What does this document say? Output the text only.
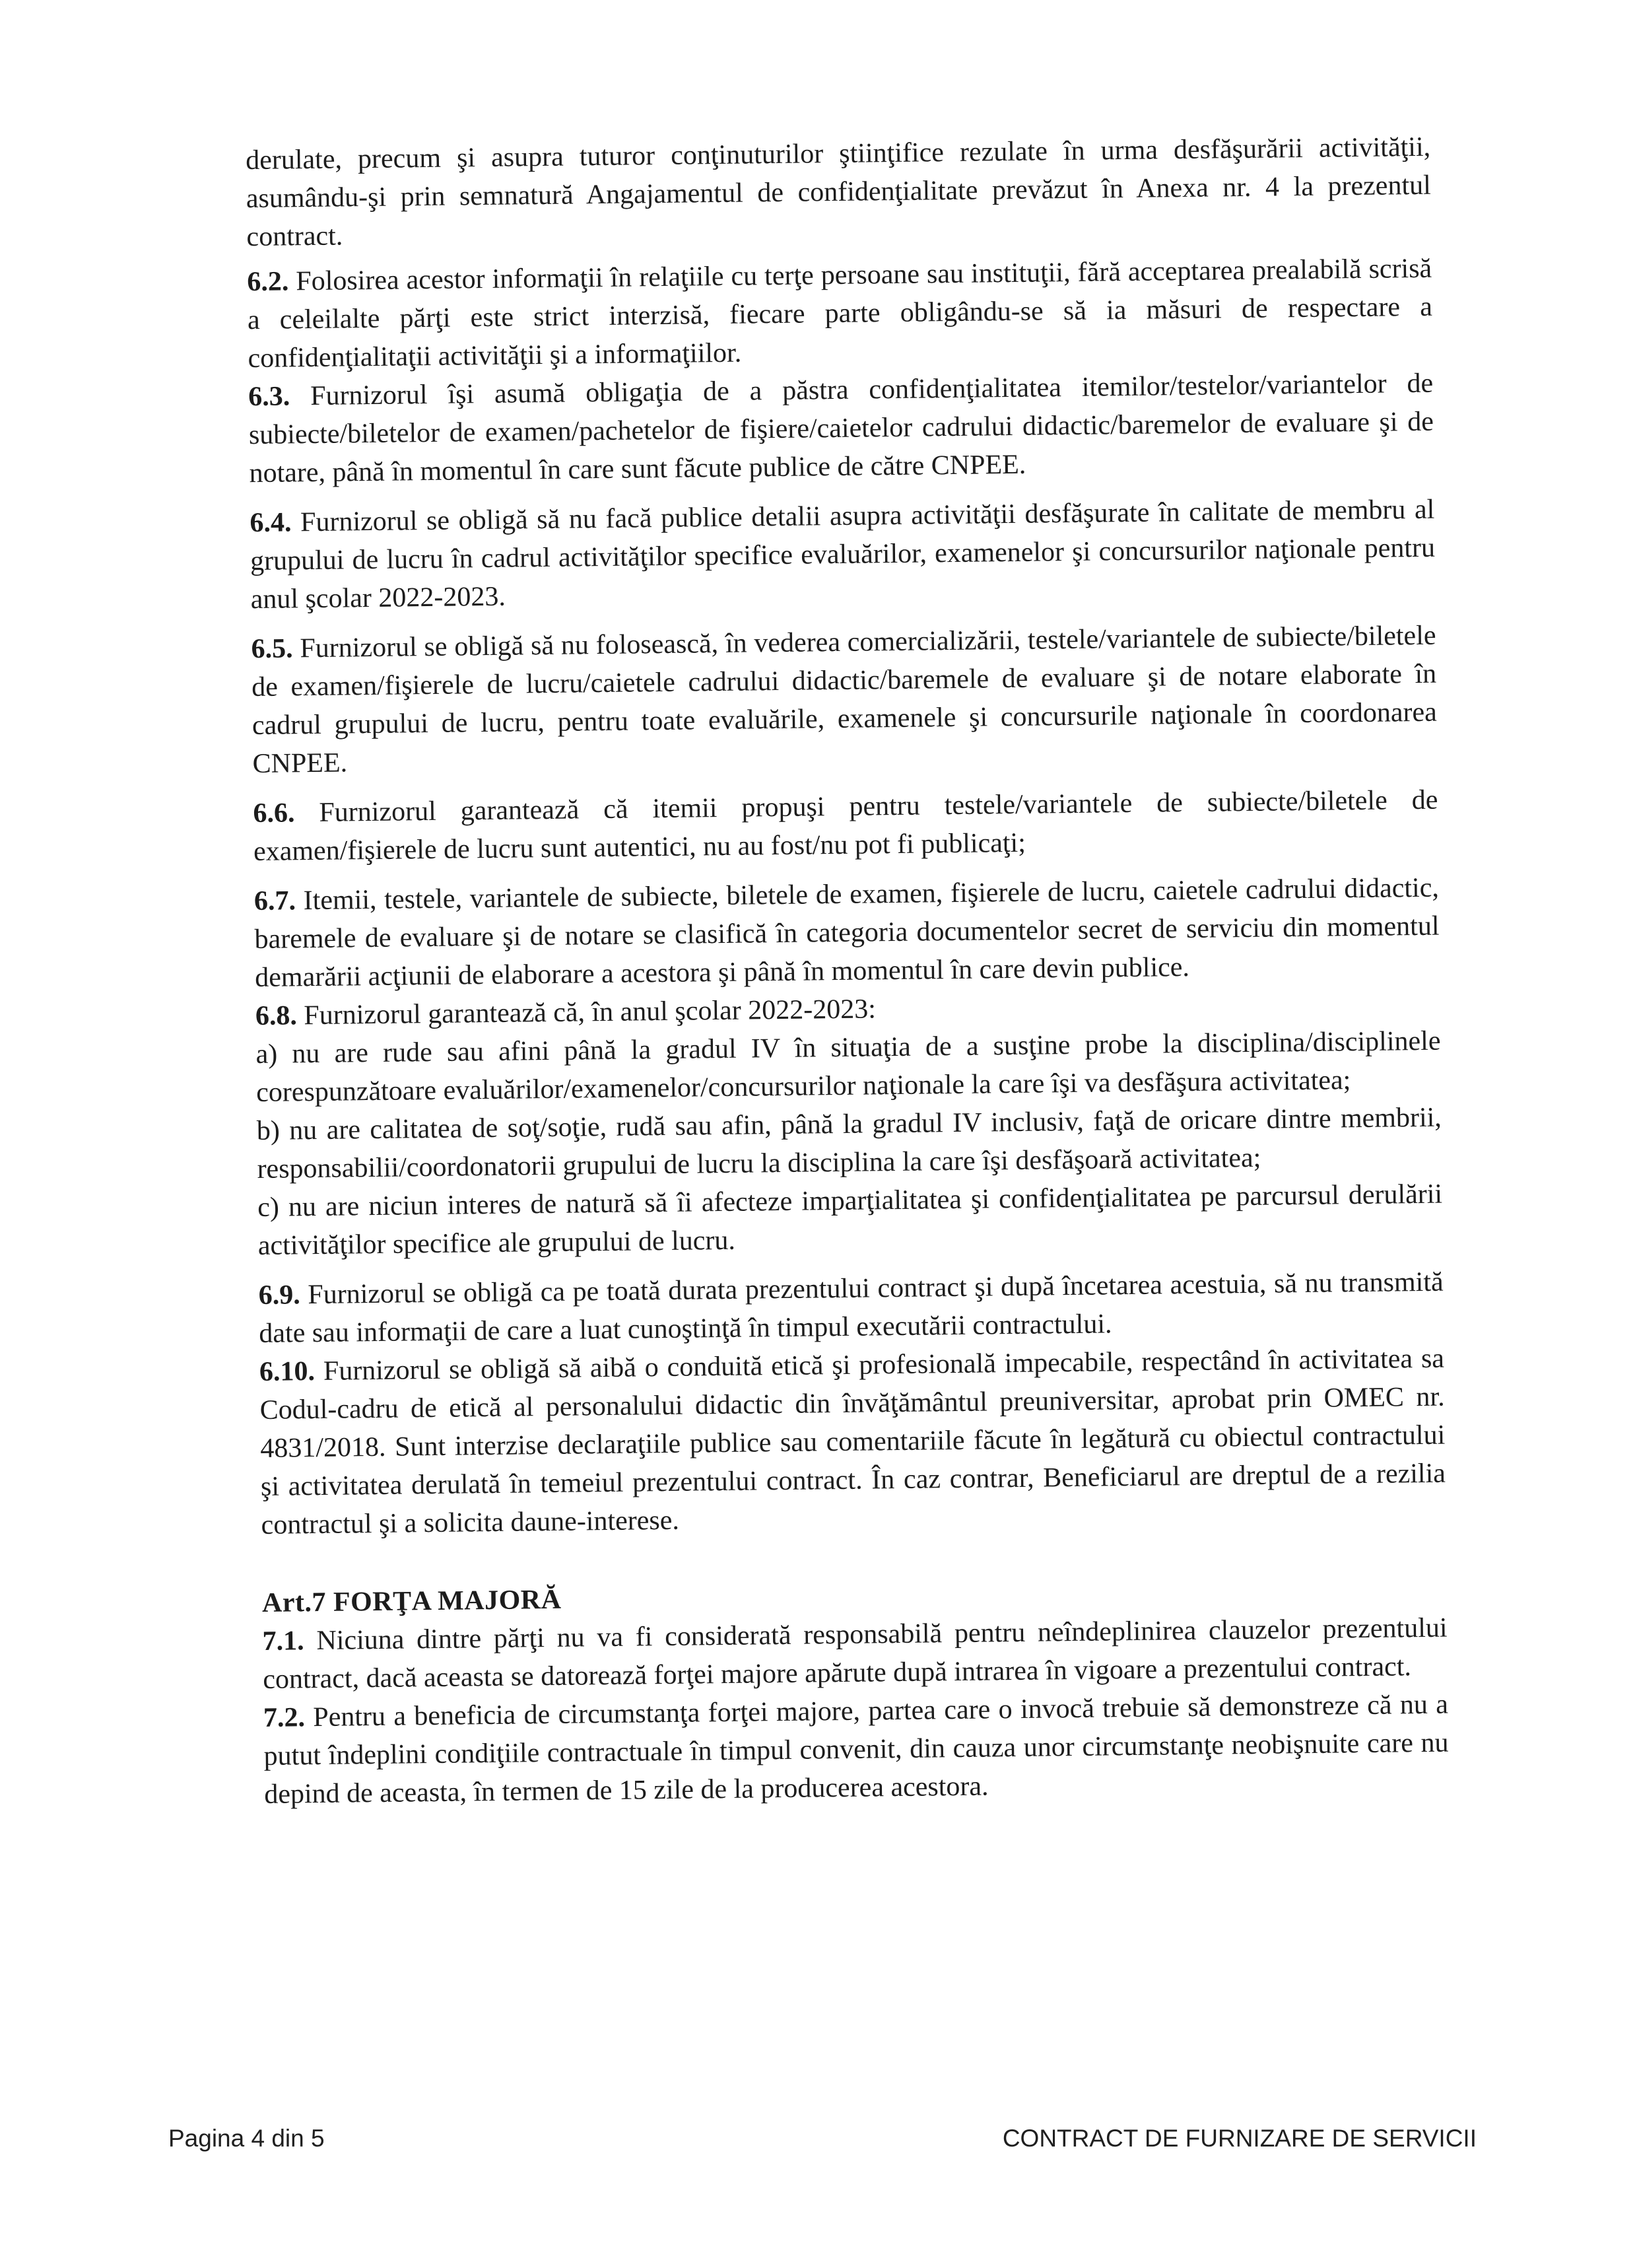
derulate, precum şi asupra tuturor conţinuturilor ştiinţifice rezulate în urma desfăşurării activităţii, asumându-şi prin semnatură Angajamentul de confidenţialitate prevăzut în Anexa nr. 4 la prezentul contract.

6.2. Folosirea acestor informaţii în relaţiile cu terţe persoane sau instituţii, fără acceptarea prealabilă scrisă a celeilalte părţi este strict interzisă, fiecare parte obligându-se să ia măsuri de respectare a confidenţialitaţii activităţii şi a informaţiilor.

6.3. Furnizorul îşi asumă obligaţia de a păstra confidenţialitatea itemilor/testelor/variantelor de subiecte/biletelor de examen/pachetelor de fişiere/caietelor cadrului didactic/baremelor de evaluare şi de notare, până în momentul în care sunt făcute publice de către CNPEE.

6.4. Furnizorul se obligă să nu facă publice detalii asupra activităţii desfăşurate în calitate de membru al grupului de lucru în cadrul activităţilor specifice evaluărilor, examenelor şi concursurilor naţionale pentru anul şcolar 2022-2023.

6.5. Furnizorul se obligă să nu folosească, în vederea comercializării, testele/variantele de subiecte/biletele de examen/fişierele de lucru/caietele cadrului didactic/baremele de evaluare şi de notare elaborate în cadrul grupului de lucru, pentru toate evaluările, examenele şi concursurile naţionale în coordonarea CNPEE.

6.6. Furnizorul garantează că itemii propuşi pentru testele/variantele de subiecte/biletele de examen/fişierele de lucru sunt autentici, nu au fost/nu pot fi publicaţi;

6.7. Itemii, testele, variantele de subiecte, biletele de examen, fişierele de lucru, caietele cadrului didactic, baremele de evaluare şi de notare se clasifică în categoria documentelor secret de serviciu din momentul demarării acţiunii de elaborare a acestora şi până în momentul în care devin publice.

6.8. Furnizorul garantează că, în anul şcolar 2022-2023:

a) nu are rude sau afini până la gradul IV în situaţia de a susţine probe la disciplina/disciplinele corespunzătoare evaluărilor/examenelor/concursurilor naţionale la care îşi va desfăşura activitatea;

b) nu are calitatea de soţ/soţie, rudă sau afin, până la gradul IV inclusiv, faţă de oricare dintre membrii, responsabilii/coordonatorii grupului de lucru la disciplina la care îşi desfăşoară activitatea;

c) nu are niciun interes de natură să îi afecteze imparţialitatea şi confidenţialitatea pe parcursul derulării activităţilor specifice ale grupului de lucru.

6.9. Furnizorul se obligă ca pe toată durata prezentului contract şi după încetarea acestuia, să nu transmită date sau informaţii de care a luat cunoştinţă în timpul executării contractului.

6.10. Furnizorul se obligă să aibă o conduită etică şi profesională impecabile, respectând în activitatea sa Codul-cadru de etică al personalului didactic din învăţământul preuniversitar, aprobat prin OMEC nr. 4831/2018. Sunt interzise declaraţiile publice sau comentariile făcute în legătură cu obiectul contractului şi activitatea derulată în temeiul prezentului contract. În caz contrar, Beneficiarul are dreptul de a rezilia contractul şi a solicita daune-interese.

Art.7 FORŢA MAJORĂ

7.1. Niciuna dintre părţi nu va fi considerată responsabilă pentru neîndeplinirea clauzelor prezentului contract, dacă aceasta se datorează forţei majore apărute după intrarea în vigoare a prezentului contract.

7.2. Pentru a beneficia de circumstanţa forţei majore, partea care o invocă trebuie să demonstreze că nu a putut îndeplini condiţiile contractuale în timpul convenit, din cauza unor circumstanţe neobişnuite care nu depind de aceasta, în termen de 15 zile de la producerea acestora.

Pagina 4 din 5	CONTRACT DE FURNIZARE DE SERVICII
